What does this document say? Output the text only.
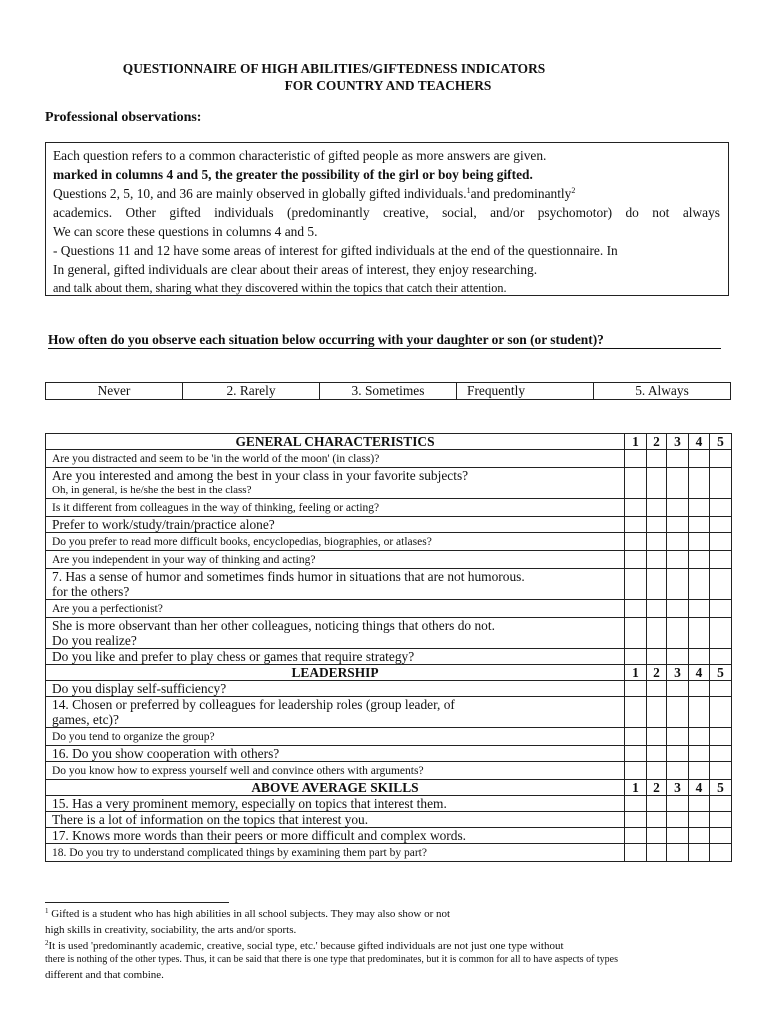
QUESTIONNAIRE OF HIGH ABILITIES/GIFTEDNESS INDICATORS
FOR COUNTRY AND TEACHERS
Professional observations:

Each question refers to a common characteristic of gifted people as more answers are given.

marked in columns 4 and 5, the greater the possibility of the girl or boy being gifted.

Questions 2, 5, 10, and 36 are mainly observed in globally gifted individuals.$^1$and predominantly$^2$

academics. Other gifted individuals (predominantly creative, social, and/or psychomotor) do not always

We can score these questions in columns 4 and 5.

- Questions 11 and 12 have some areas of interest for gifted individuals at the end of the questionnaire. In

In general, gifted individuals are clear about their areas of interest, they enjoy researching.

and talk about them, sharing what they discovered within the topics that catch their attention.

How often do you observe each situation below occurring with your daughter or son (or student)?
Never	2. Rarely	3. Sometimes	Frequently	5. Always
GENERAL CHARACTERISTICS	1	2	3	4	5
Are you distracted and seem to be 'in the world of the moon' (in class)?					
Are you interested and among the best in your class in your favorite subjects?
Oh, in general, is he/she the best in the class?					

Is it different from colleagues in the way of thinking, feeling or acting?					
Prefer to work/study/train/practice alone?					
Do you prefer to read more difficult books, encyclopedias, biographies, or atlases?					
Are you independent in your way of thinking and acting?					
7. Has a sense of humor and sometimes finds humor in situations that are not humorous.
for the others?					
Are you a perfectionist?					
She is more observant than her other colleagues, noticing things that others do not.
Do you realize?					
Do you like and prefer to play chess or games that require strategy?					
LEADERSHIP	1	2	3	4	5
Do you display self-sufficiency?					
14. Chosen or preferred by colleagues for leadership roles (group leader, of
games, etc)?					
Do you tend to organize the group?					
16. Do you show cooperation with others?					
Do you know how to express yourself well and convince others with arguments?					
ABOVE AVERAGE SKILLS	1	2	3	4	5
15. Has a very prominent memory, especially on topics that interest them.					
There is a lot of information on the topics that interest you.					
17. Knows more words than their peers or more difficult and complex words.					
18. Do you try to understand complicated things by examining them part by part?					
$^1$ Gifted is a student who has high abilities in all school subjects. They may also show or not
high skills in creativity, sociability, the arts and/or sports.
$^2$It is used 'predominantly academic, creative, social type, etc.' because gifted individuals are not just one type without
there is nothing of the other types. Thus, it can be said that there is one type that predominates, but it is common for all to have aspects of types
different and that combine.
